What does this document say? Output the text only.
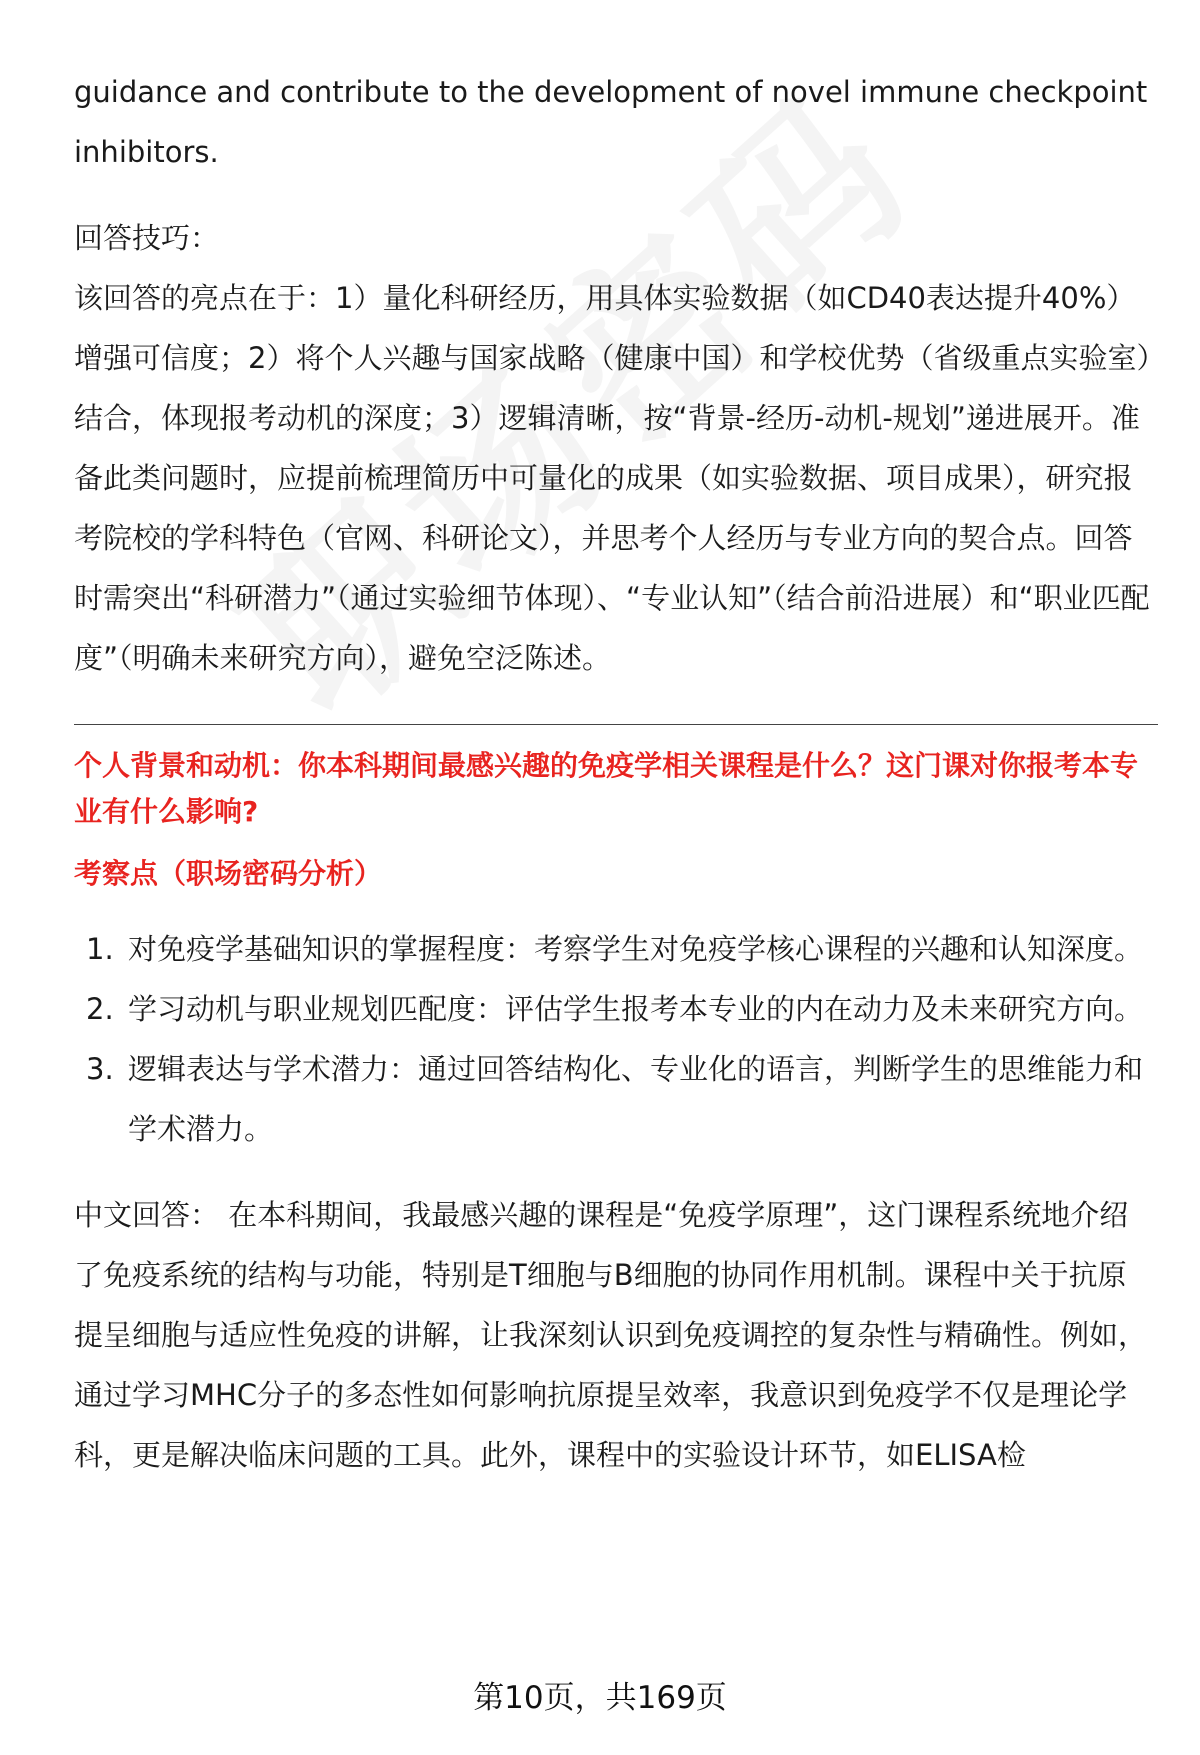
guidance and contribute to the development of novel immune checkpoint inhibitors.

回答技巧：

该回答的亮点在于：1）量化科研经历，用具体实验数据（如CD40表达提升40%）增强可信度；2）将个人兴趣与国家战略（健康中国）和学校优势（省级重点实验室）结合，体现报考动机的深度；3）逻辑清晰，按“背景-经历-动机-规划”递进展开。准备此类问题时，应提前梳理简历中可量化的成果（如实验数据、项目成果），研究报考院校的学科特色（官网、科研论文），并思考个人经历与专业方向的契合点。回答时需突出“科研潜力”（通过实验细节体现）、“专业认知”（结合前沿进展）和“职业匹配度”（明确未来研究方向），避免空泛陈述。

个人背景和动机：你本科期间最感兴趣的免疫学相关课程是什么？这门课对你报考本专业有什么影响?

考察点（职场密码分析）

1. 对免疫学基础知识的掌握程度：考察学生对免疫学核心课程的兴趣和认知深度。
2. 学习动机与职业规划匹配度：评估学生报考本专业的内在动力及未来研究方向。
3. 逻辑表达与学术潜力：通过回答结构化、专业化的语言，判断学生的思维能力和学术潜力。

中文回答： 在本科期间，我最感兴趣的课程是“免疫学原理”，这门课程系统地介绍了免疫系统的结构与功能，特别是T细胞与B细胞的协同作用机制。课程中关于抗原提呈细胞与适应性免疫的讲解，让我深刻认识到免疫调控的复杂性与精确性。例如，通过学习MHC分子的多态性如何影响抗原提呈效率，我意识到免疫学不仅是理论学科，更是解决临床问题的工具。此外，课程中的实验设计环节，如ELISA检

第10页，共169页
